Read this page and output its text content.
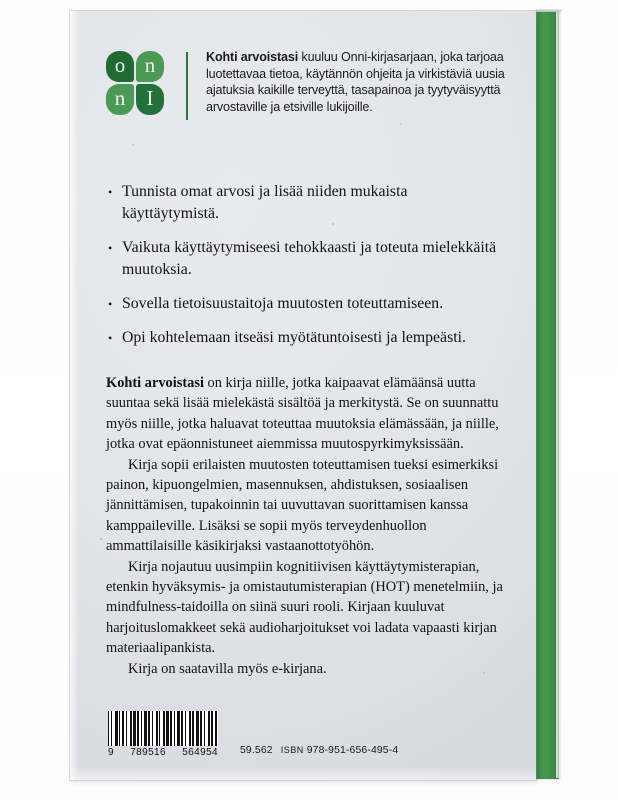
o n
n I
Kohti arvoistasi kuuluu Onni-kirjasarjaan, joka tarjoaa luotettavaa tietoa, käytännön ohjeita ja virkistäviä uusia ajatuksia kaikille terveyttä, tasapainoa ja tyytyväisyyttä arvostaville ja etsiville lukijoille.
• Tunnista omat arvosi ja lisää niiden mukaista käyttäytymistä.
• Vaikuta käyttäytymiseesi tehokkaasti ja toteuta mielekkäitä muutoksia.
• Sovella tietoisuustaitoja muutosten toteuttamiseen.
• Opi kohtelemaan itseäsi myötätuntoisesti ja lempeästi.

Kohti arvoistasi on kirja niille, jotka kaipaavat elämäänsä uutta suuntaa sekä lisää mielekästä sisältöä ja merkitystä. Se on suunnattu myös niille, jotka haluavat toteuttaa muutoksia elämässään, ja niille, jotka ovat epäonnistuneet aiemmissa muutospyrkimyksissään.

Kirja sopii erilaisten muutosten toteuttamisen tueksi esimerkiksi painon, kipuongelmien, masennuksen, ahdistuksen, sosiaalisen jännittämisen, tupakoinnin tai uuvuttavan suorittamisen kanssa kamppaileville. Lisäksi se sopii myös terveydenhuollon ammattilaisille käsikirjaksi vastaanottotyöhön.

Kirja nojautuu uusimpiin kognitiivisen käyttäytymisterapian, etenkin hyväksymis- ja omistautumisterapian (HOT) menetelmiin, ja mindfulness-taidoilla on siinä suuri rooli. Kirjaan kuuluvat harjoituslomakkeet sekä audioharjoitukset voi ladata vapaasti kirjan materiaalipankista.

Kirja on saatavilla myös e-kirjana.

9 789516 564954 59.562 ISBN 978-951-656-495-4
